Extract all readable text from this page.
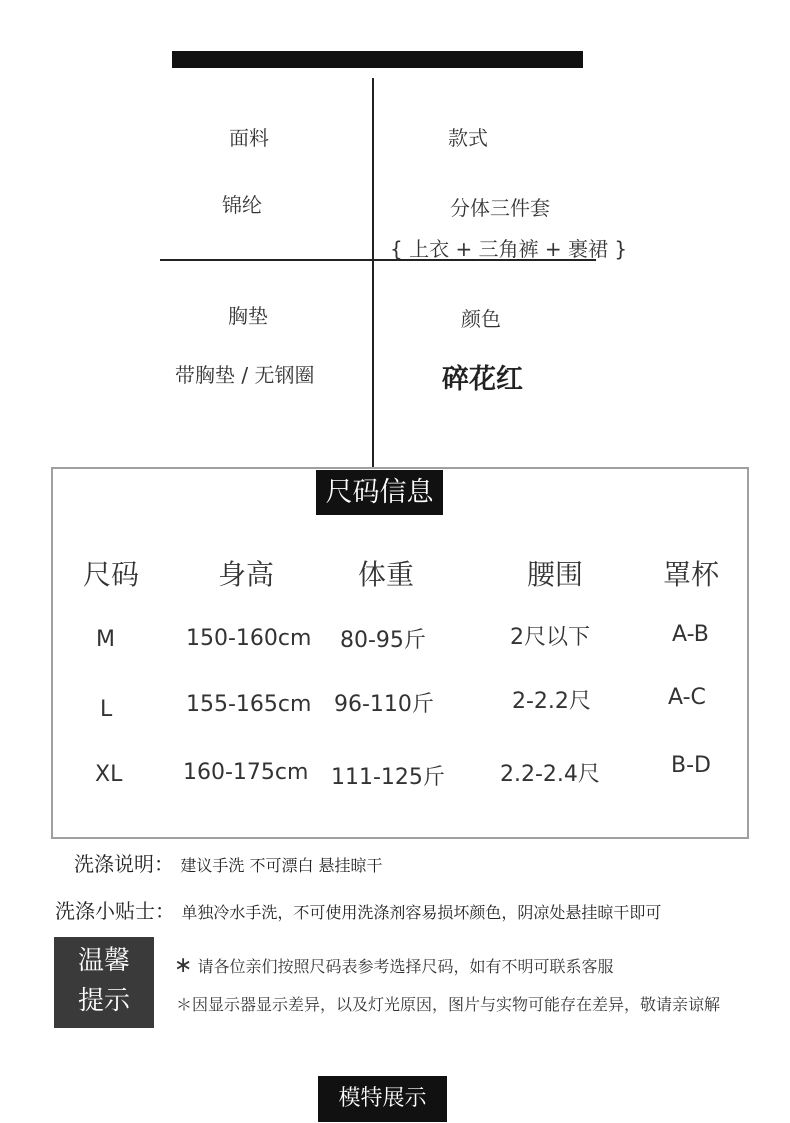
面料
锦纶
款式
分体三件套
{ 上衣 + 三角裤 + 裹裙 }
胸垫
带胸垫 / 无钢圈
颜色
碎花红
尺码信息
尺码	身高	体重	腰围	罩杯
M	150-160cm 80-95斤	2尺以下	A-B
L	155-165cm 96-110斤	2-2.2尺	A-C
XL	160-175cm 111-125斤	2.2-2.4尺	B-D
洗涤说明： 建议手洗 不可漂白 悬挂晾干
洗涤小贴士： 单独冷水手洗，不可使用洗涤剂容易损坏颜色，阴凉处悬挂晾干即可
温馨
提示
∗ 请各位亲们按照尺码表参考选择尺码，如有不明可联系客服
＊因显示器显示差异，以及灯光原因，图片与实物可能存在差异，敬请亲谅解
模特展示
